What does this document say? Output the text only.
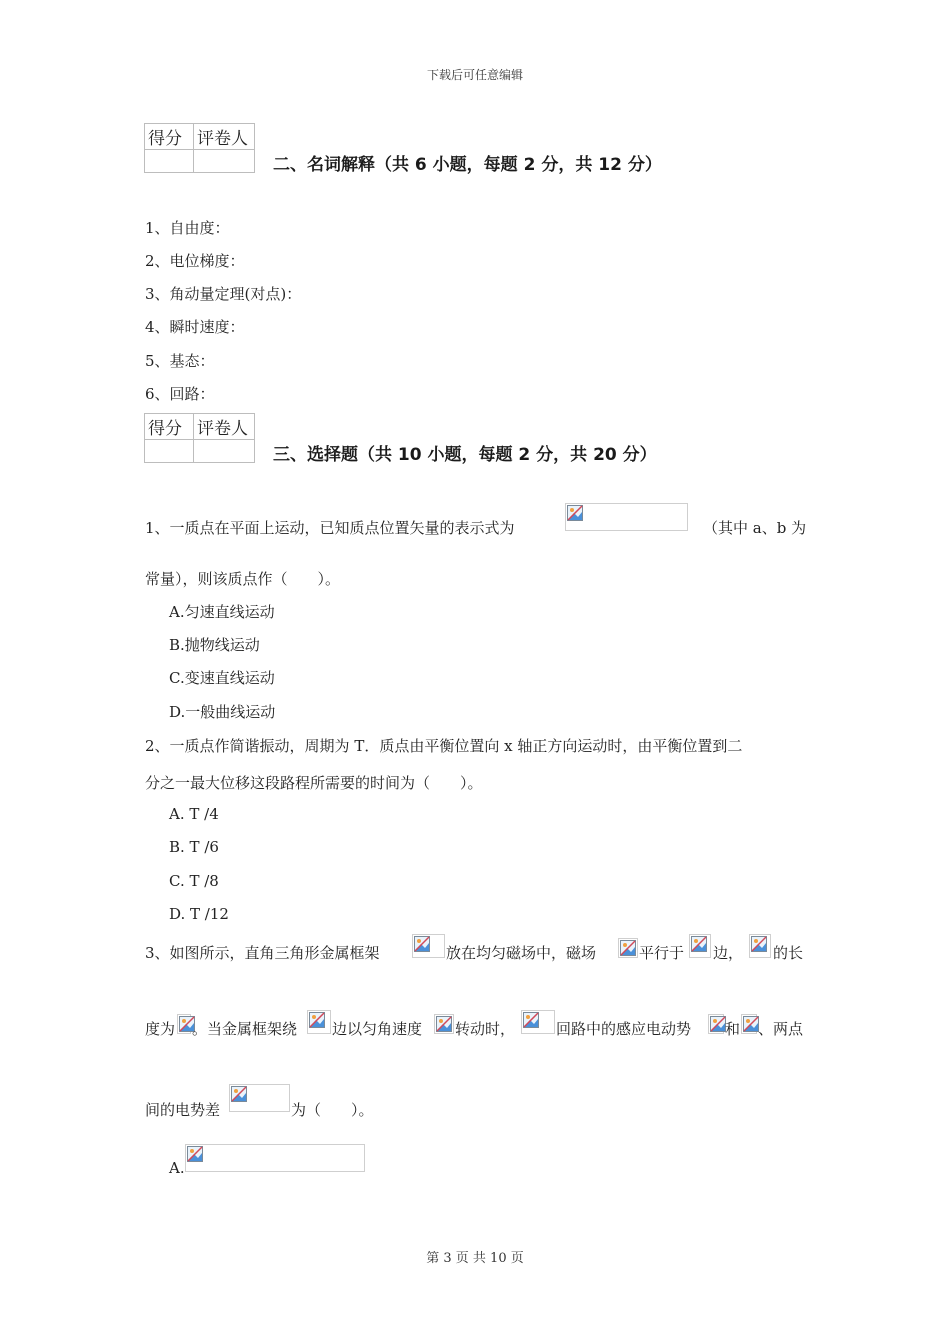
下载后可任意编辑
得分	评卷人

二、名词解释（共 6 小题，每题 2 分，共 12 分）
1、自由度：
2、电位梯度：
3、角动量定理(对点)：
4、瞬时速度：
5、基态：
6、回路：
得分	评卷人

三、选择题（共 10 小题，每题 2 分，共 20 分）
1、一质点在平面上运动，已知质点位置矢量的表示式为	（其中 a、b 为
常量），则该质点作（　　）。
A.匀速直线运动
B.抛物线运动
C.变速直线运动
D.一般曲线运动
2、一质点作简谐振动，周期为 T．质点由平衡位置向 x 轴正方向运动时，由平衡位置到二
分之一最大位移这段路程所需要的时间为（　　）。
A. T /4
B. T /6
C. T /8
D. T /12
3、如图所示，直角三角形金属框架	放在均匀磁场中，磁场	平行于 边， 的长
度为 。当金属框架绕 边以匀角速度 转动时，	回路中的感应电动势 和 、两点
间的电势差	为（　　）。
A.
第 3 页 共 10 页
